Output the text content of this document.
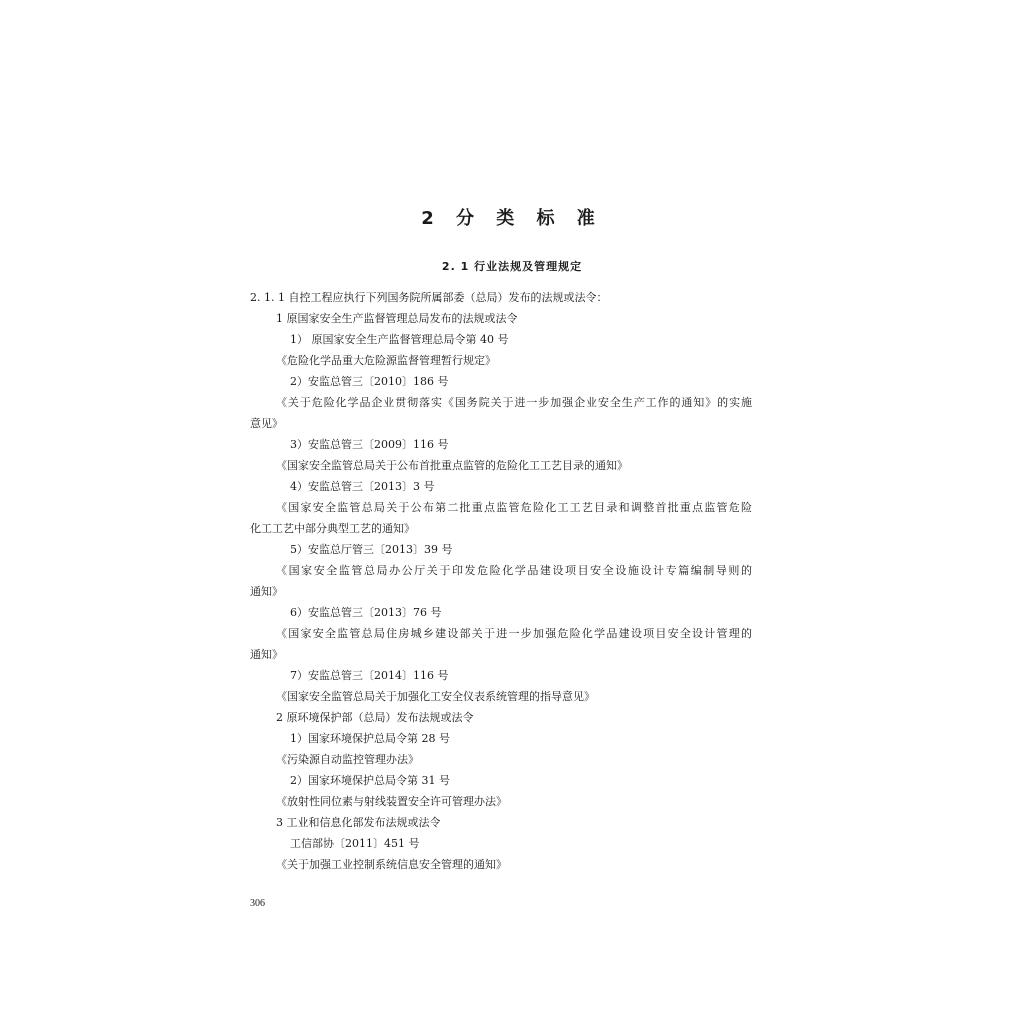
2 分 类 标 准
2. 1 行业法规及管理规定
2. 1. 1 自控工程应执行下列国务院所属部委（总局）发布的法规或法令：
1 原国家安全生产监督管理总局发布的法规或法令
1） 原国家安全生产监督管理总局令第 40 号
《危险化学品重大危险源监督管理暂行规定》
2）安监总管三〔2010〕186 号
《关于危险化学品企业贯彻落实《国务院关于进一步加强企业安全生产工作的通知》的实施
意见》
3）安监总管三〔2009〕116 号
《国家安全监管总局关于公布首批重点监管的危险化工工艺目录的通知》
4）安监总管三〔2013〕3 号
《国家安全监管总局关于公布第二批重点监管危险化工工艺目录和调整首批重点监管危险
化工工艺中部分典型工艺的通知》
5）安监总厅管三〔2013〕39 号
《国家安全监管总局办公厅关于印发危险化学品建设项目安全设施设计专篇编制导则的
通知》
6）安监总管三〔2013〕76 号
《国家安全监管总局住房城乡建设部关于进一步加强危险化学品建设项目安全设计管理的
通知》
7）安监总管三〔2014〕116 号
《国家安全监管总局关于加强化工安全仪表系统管理的指导意见》
2 原环境保护部（总局）发布法规或法令
1）国家环境保护总局令第 28 号
《污染源自动监控管理办法》
2）国家环境保护总局令第 31 号
《放射性同位素与射线装置安全许可管理办法》
3 工业和信息化部发布法规或法令
工信部协〔2011〕451 号
《关于加强工业控制系统信息安全管理的通知》
306
